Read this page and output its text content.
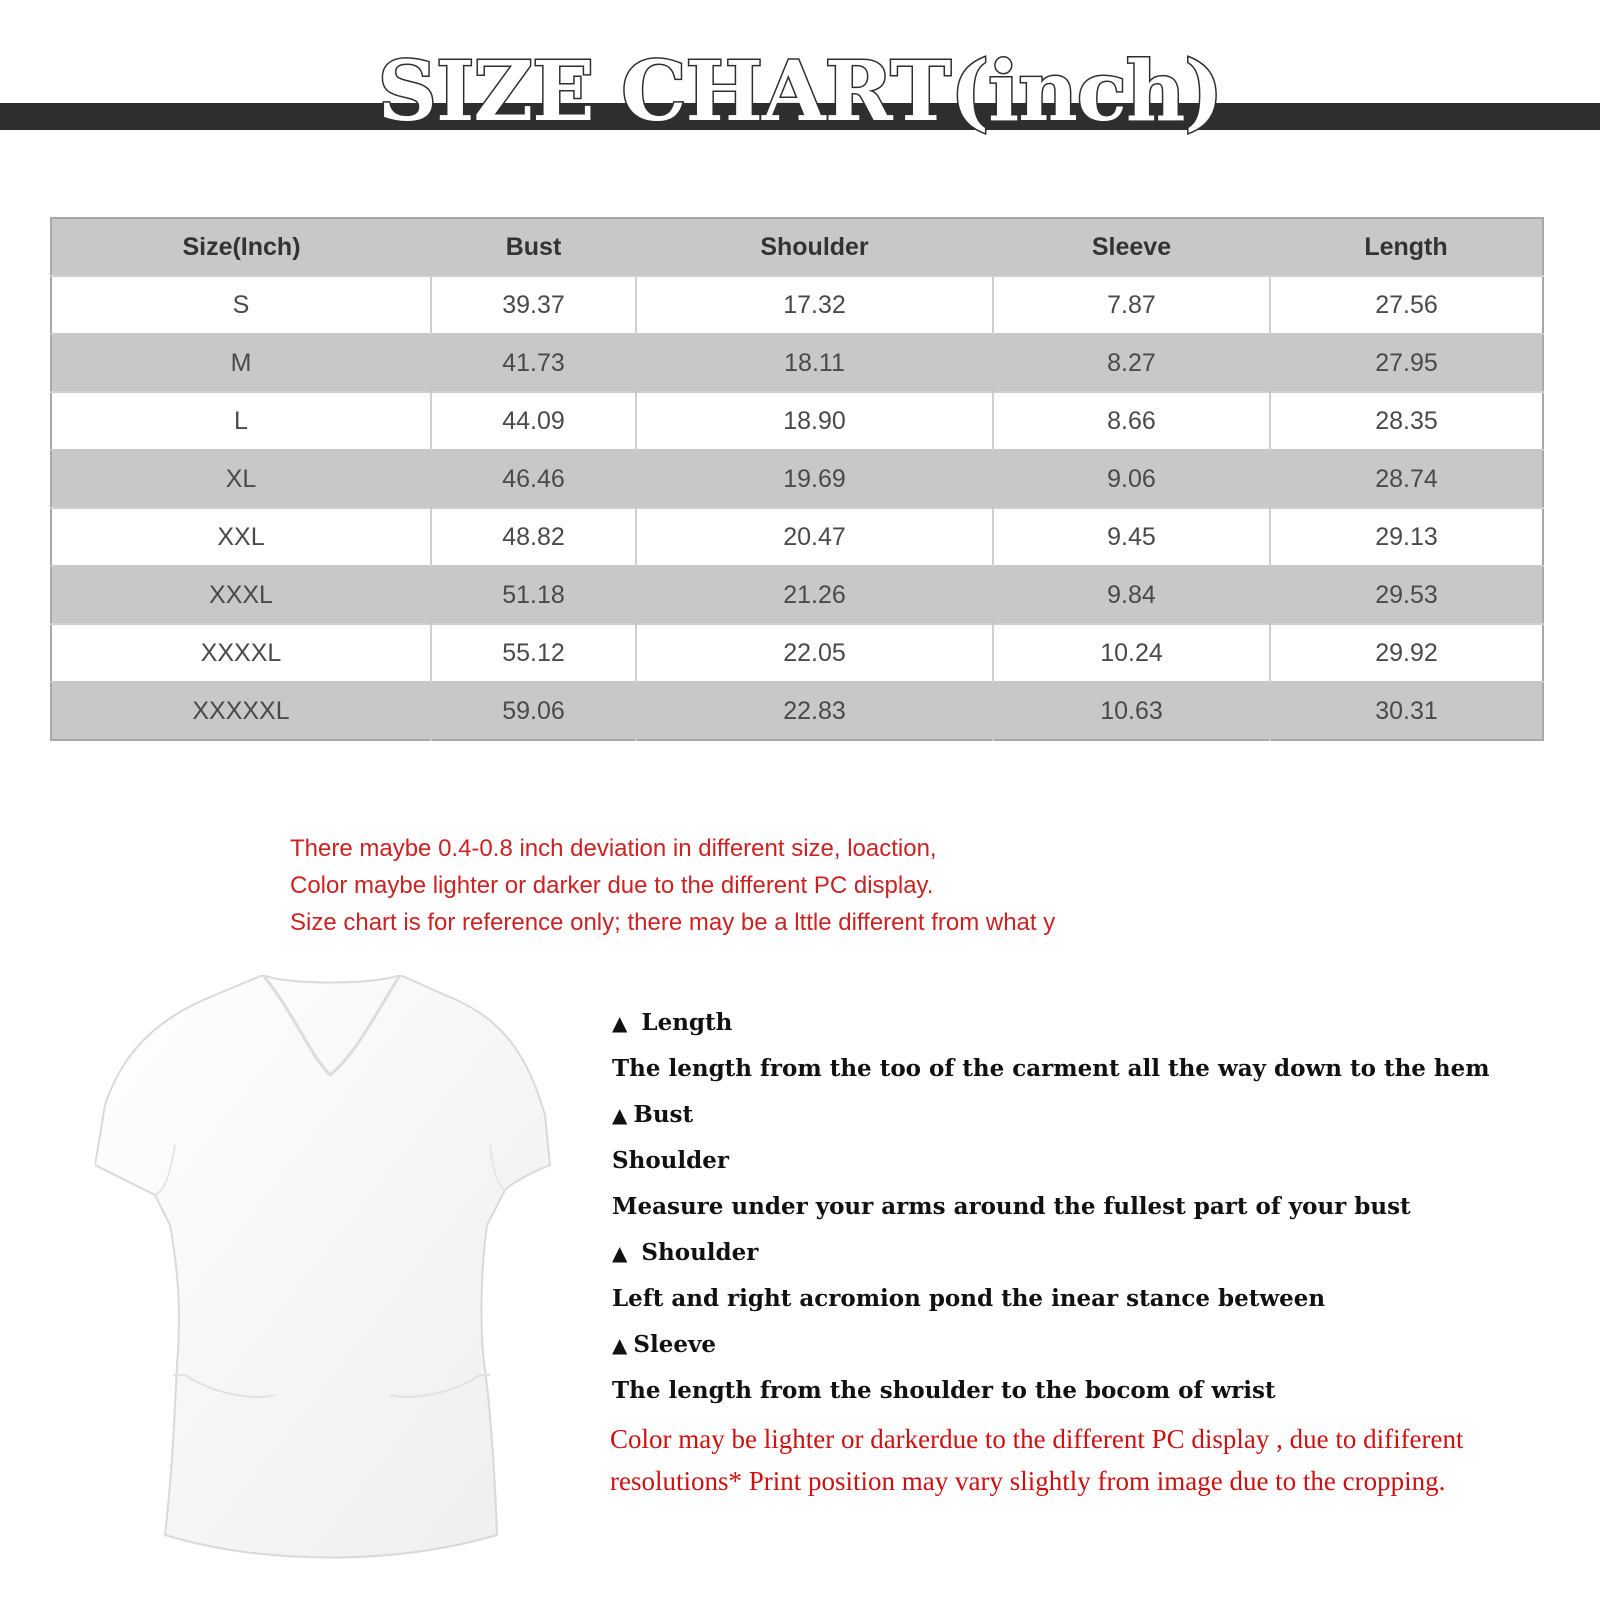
SIZE CHART(inch)
Size(Inch)	Bust	Shoulder	Sleeve	Length
S	39.37	17.32	7.87	27.56
M	41.73	18.11	8.27	27.95
L	44.09	18.90	8.66	28.35
XL	46.46	19.69	9.06	28.74
XXL	48.82	20.47	9.45	29.13
XXXL	51.18	21.26	9.84	29.53
XXXXL	55.12	22.05	10.24	29.92
XXXXXL	59.06	22.83	10.63	30.31
There maybe 0.4-0.8 inch deviation in different size, loaction,
Color maybe lighter or darker due to the different PC display.
Size chart is for reference only; there may be a lttle different from what y
▲ Length
The length from the too of the carment all the way down to the hem
▲ Bust
Shoulder
Measure under your arms around the fullest part of your bust
▲ Shoulder
Left and right acromion pond the inear stance between
▲ Sleeve
The length from the shoulder to the bocom of wrist
Color may be lighter or darkerdue to the different PC display , due to dififerent resolutions* Print position may vary slightly from image due to the cropping.
